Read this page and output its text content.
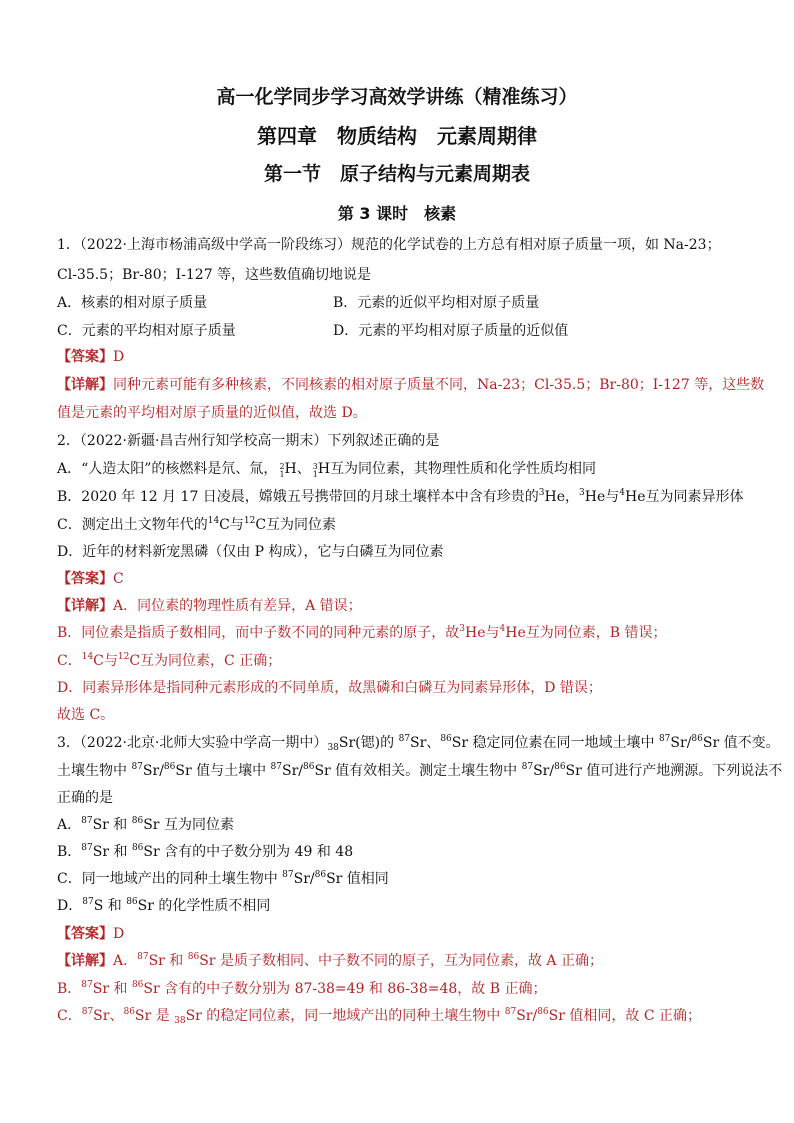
高一化学同步学习高效学讲练（精准练习）
第四章　物质结构　元素周期律
第一节　原子结构与元素周期表
第 3 课时　核素
1．（2022·上海市杨浦高级中学高一阶段练习）规范的化学试卷的上方总有相对原子质量一项，如 Na-23；
Cl-35.5；Br-80；I-127 等，这些数值确切地说是
A．核素的相对原子质量	B．元素的近似平均相对原子质量
C．元素的平均相对原子质量	D．元素的平均相对原子质量的近似值
【答案】D
【详解】同种元素可能有多种核素，不同核素的相对原子质量不同，Na-23；Cl-35.5；Br-80；I-127 等，这些数
值是元素的平均相对原子质量的近似值，故选 D。
2．（2022·新疆·昌吉州行知学校高一期末）下列叙述正确的是
A．“人造太阳”的核燃料是氘、氚， 2
1H、 3
1H互为同位素，其物理性质和化学性质均相同
B．2020 年 12 月 17 日凌晨，嫦娥五号携带回的月球土壤样本中含有珍贵的$^3$He，$^3$He与$^4$He互为同素异形体
C．测定出土文物年代的$^{14}$C与$^{12}$C互为同位素
D．近年的材料新宠黑磷（仅由 P 构成），它与白磷互为同位素
【答案】C
【详解】A．同位素的物理性质有差异，A 错误；
B．同位素是指质子数相同，而中子数不同的同种元素的原子，故$^3$He与$^4$He互为同位素，B 错误；
C．$^{14}$C与$^{12}$C互为同位素，C 正确；
D．同素异形体是指同种元素形成的不同单质，故黑磷和白磷互为同素异形体，D 错误；
故选 C。
3．（2022·北京·北师大实验中学高一期中）$_{38}Sr$(锶)的 $^{87}$Sr、$^{86}$Sr 稳定同位素在同一地域土壤中 $^{87}$Sr/$^{86}$Sr 值不变。
土壤生物中 $^{87}$Sr/$^{86}$Sr 值与土壤中 $^{87}$Sr/$^{86}$Sr 值有效相关。测定土壤生物中 $^{87}$Sr/$^{86}$Sr 值可进行产地溯源。下列说法不
正确的是
A．$^{87}$Sr 和 $^{86}$Sr 互为同位素
B．$^{87}$Sr 和 $^{86}$Sr 含有的中子数分别为 49 和 48
C．同一地域产出的同种土壤生物中 $^{87}$Sr/$^{86}$Sr 值相同
D．$^{87}$S 和 $^{86}$Sr 的化学性质不相同
【答案】D
【详解】A．$^{87}$Sr 和 $^{86}$Sr 是质子数相同、中子数不同的原子，互为同位素，故 A 正确；
B．$^{87}$Sr 和 $^{86}$Sr 含有的中子数分别为 87-38=49 和 86-38=48，故 B 正确；
C．$^{87}$Sr、$^{86}$Sr 是 $_{38}$Sr 的稳定同位素，同一地域产出的同种土壤生物中 $^{87}$Sr/$^{86}$Sr 值相同，故 C 正确；
